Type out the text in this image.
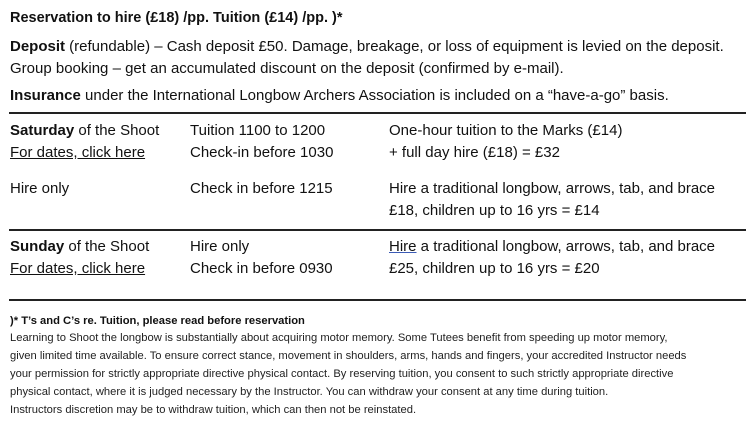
Reservation to hire (£18) /pp. Tuition (£14) /pp. )*
Deposit (refundable) – Cash deposit £50. Damage, breakage, or loss of equipment is levied on the deposit.
Group booking – get an accumulated discount on the deposit (confirmed by e-mail).
Insurance under the International Longbow Archers Association is included on a “have-a-go” basis.
Saturday of the Shoot
For dates, click here
Tuition 1100 to 1200
Check-in before 1030
One-hour tuition to the Marks (£14)
+ full day hire (£18) = £32
Hire only	Check in before 1215	Hire a traditional longbow, arrows, tab, and brace
£18, children up to 16 yrs = £14
Sunday of the Shoot
For dates, click here
Hire only
Check in before 0930
Hire a traditional longbow, arrows, tab, and brace
£25, children up to 16 yrs = £20
)* T’s and C’s re. Tuition, please read before reservation
Learning to Shoot the longbow is substantially about acquiring motor memory. Some Tutees benefit from speeding up motor memory,
given limited time available. To ensure correct stance, movement in shoulders, arms, hands and fingers, your accredited Instructor needs
your permission for strictly appropriate directive physical contact. By reserving tuition, you consent to such strictly appropriate directive
physical contact, where it is judged necessary by the Instructor. You can withdraw your consent at any time during tuition.
Instructors discretion may be to withdraw tuition, which can then not be reinstated.
